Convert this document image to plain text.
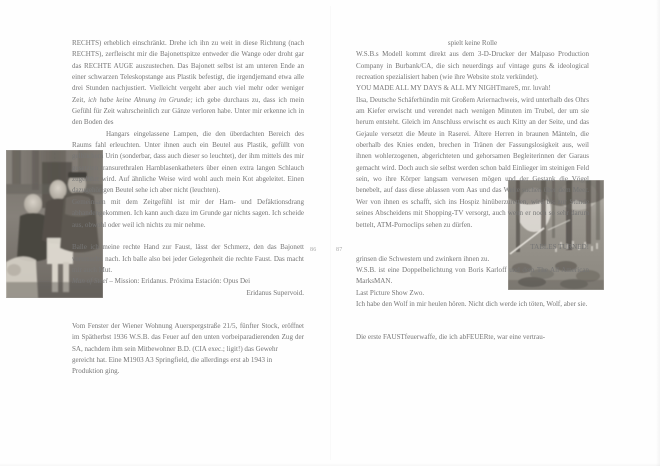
RECHTS) erheblich einschränkt. Drehe ich ihn zu weit in diese Richtung (nach RECHTS), zerfleischt mir die Bajonettspitze entweder die Wange oder droht gar das RECHTE AUGE auszustechen. Das Bajonett selbst ist am unteren Ende an einer schwarzen Teleskopstange aus Plastik befestigt, die irgendjemand etwa alle drei Stunden nachjustiert. Vielleicht vergeht aber auch viel mehr oder weniger Zeit, ich habe keine Ahnung im Grunde; ich gebe durchaus zu, dass ich mein Gefühl für Zeit wahrscheinlich zur Gänze verloren habe. Unter mir erkenne ich in den Boden des

Hangars eingelassene Lampen, die den überdachten Bereich des Raums fahl erleuchten. Unter ihnen auch ein Beutel aus Plastik, gefüllt von gelblichem Urin (sonderbar, dass auch dieser so leuchtet), der ihm mittels des mir gesetzten transurethralen Harnblasenkatheters über einen extra langen Schlauch zugeführt wird. Auf ähnliche Weise wird wohl auch mein Kot abgeleitet. Einen dazugehörigen Beutel sehe ich aber nicht (leuchten).

Gemeinsam mit dem Zeitgefühl ist mir der Harn- und Defäktionsdrang abhandengekommen. Ich kann auch dazu im Grunde gar nichts sagen. Ich scheide aus, obwohl oder weil ich nichts zu mir nehme.

Balle ich meine rechte Hand zur Faust, lässt der Schmerz, den das Bajonett verursacht, nach. Ich balle also bei jeder Gelegenheit die rechte Faust. Das macht mir auch Mut.

Man of Steel – Mission: Eridanus. Próxima Estación: Opus Dei

Eridanus Supervoid.

Vom Fenster der Wiener Wohnung Auerspergstraße 21/5, fünfter Stock, eröffnet im Spätherbst 1936 W.S.B. das Feuer auf den unten vorbeiparadierenden Zug der SA, nachdem ihm sein Mitbewohner B.D. (CIA exec.; ligit!) das Gewehr

gereicht hat. Eine M1903 A3 Springfield, die allerdings erst ab 1943 in Produktion ging.

spielt keine Rolle

W.S.B.s Modell kommt direkt aus dem 3-D-Drucker der Malpaso Production Company in Burbank/CA, die sich neuerdings auf vintage guns & ideological recreation spezialisiert haben (wie ihre Website stolz verkündet).

YOU MADE ALL MY DAYS & ALL MY NIGHTmareS, mr. luvah!

Ilsa, Deutsche Schäferhündin mit Großem Ariernachweis, wird unterhalb des Ohrs am Kiefer erwischt und verendet nach wenigen Minuten im Trubel, der um sie herum entsteht. Gleich im Anschluss erwischt es auch Kitty an der Seite, und das Gejaule versetzt die Meute in Raserei. Ältere Herren in braunen Mänteln, die oberhalb des Knies enden, brechen in Tränen der Fassungslosigkeit aus, weil ihnen wohlerzogenen, abgerichteten und gehorsamen Begleiterinnen der Garaus gemacht wird. Doch auch sie selbst werden schon bald Einlieger im steinigen Feld sein, wo ihre Körper langsam verwesen mögen und der Gestank die Vögel benebelt, auf dass diese ablassen vom Aas und das Weite suchen über dem Meer. Wer von ihnen es schafft, sich ins Hospiz hinüberzuretten, wird bis zur Stunde seines Abscheidens mit Shopping-TV versorgt, auch wenn er noch so sehr darum bettelt, ATM-Pornoclips sehen zu dürfen.

TABLES TURNED!

grinsen die Schwestern und zwinkern ihnen zu.

W.S.B. ist eine Doppelbelichtung von Boris Karloff und dem The All American MarksMAN.

Last Picture Show Zwo.

Ich habe den Wolf in mir heulen hören. Nicht dich werde ich töten, Wolf, aber sie.

Die erste FAUSTfeuerwaffe, die ich abFEUERte, war eine vertrau-

86	87
